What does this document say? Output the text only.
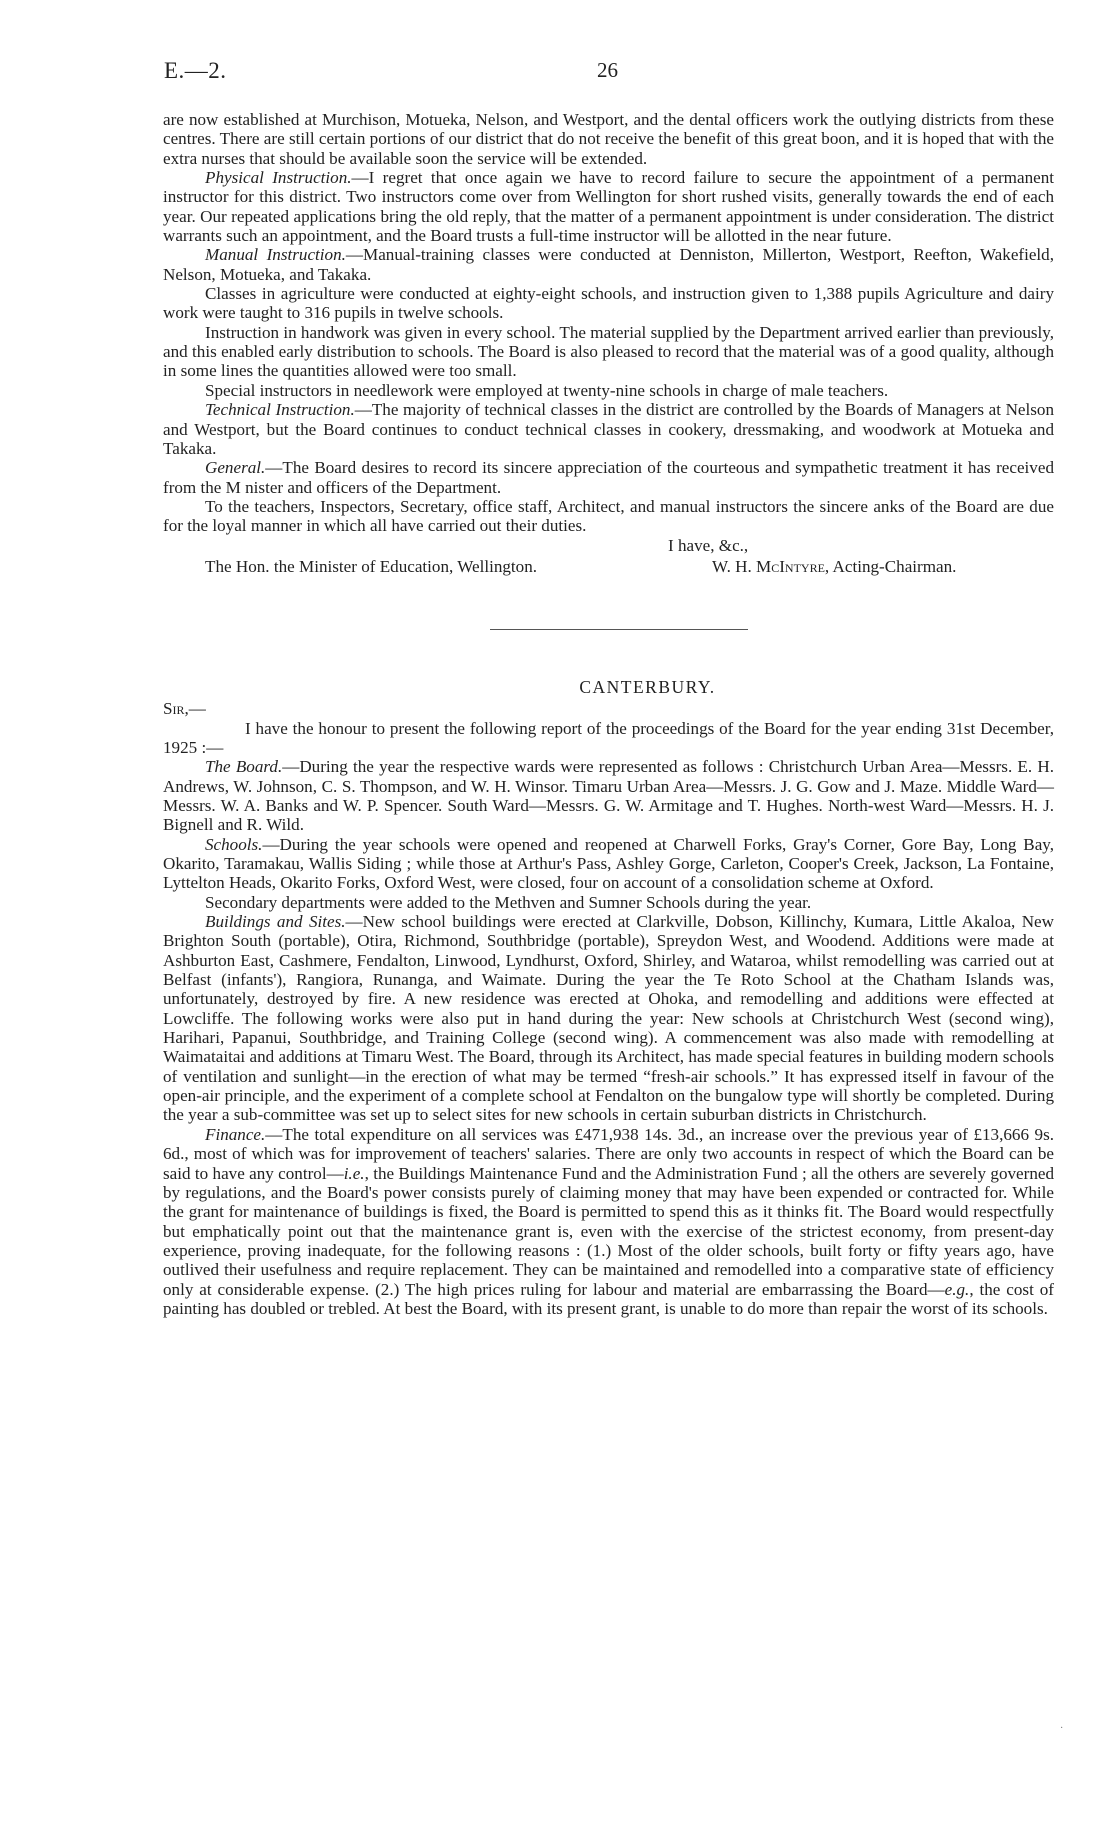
E.—2.	26

are now established at Murchison, Motueka, Nelson, and Westport, and the dental officers work the outlying districts from these centres. There are still certain portions of our district that do not receive the benefit of this great boon, and it is hoped that with the extra nurses that should be available soon the service will be extended.

Physical Instruction.—I regret that once again we have to record failure to secure the appointment of a permanent instructor for this district. Two instructors come over from Wellington for short rushed visits, generally towards the end of each year. Our repeated applications bring the old reply, that the matter of a permanent appointment is under consideration. The district warrants such an appointment, and the Board trusts a full-time instructor will be allotted in the near future.

Manual Instruction.—Manual-training classes were conducted at Denniston, Millerton, Westport, Reefton, Wakefield, Nelson, Motueka, and Takaka.

Classes in agriculture were conducted at eighty-eight schools, and instruction given to 1,388 pupils Agriculture and dairy work were taught to 316 pupils in twelve schools.

Instruction in handwork was given in every school. The material supplied by the Department arrived earlier than previously, and this enabled early distribution to schools. The Board is also pleased to record that the material was of a good quality, although in some lines the quantities allowed were too small.

Special instructors in needlework were employed at twenty-nine schools in charge of male teachers.

Technical Instruction.—The majority of technical classes in the district are controlled by the Boards of Managers at Nelson and Westport, but the Board continues to conduct technical classes in cookery, dressmaking, and woodwork at Motueka and Takaka.

General.—The Board desires to record its sincere appreciation of the courteous and sympathetic treatment it has received from the M nister and officers of the Department.

To the teachers, Inspectors, Secretary, office staff, Architect, and manual instructors the sincere anks of the Board are due for the loyal manner in which all have carried out their duties.

I have, &c.,

The Hon. the Minister of Education, Wellington.	W. H. McIntyre, Acting-Chairman.

CANTERBURY.

Sir,—

I have the honour to present the following report of the proceedings of the Board for the year ending 31st December, 1925 :—

The Board.—During the year the respective wards were represented as follows : Christchurch Urban Area—Messrs. E. H. Andrews, W. Johnson, C. S. Thompson, and W. H. Winsor. Timaru Urban Area—Messrs. J. G. Gow and J. Maze. Middle Ward—Messrs. W. A. Banks and W. P. Spencer. South Ward—Messrs. G. W. Armitage and T. Hughes. North-west Ward—Messrs. H. J. Bignell and R. Wild.

Schools.—During the year schools were opened and reopened at Charwell Forks, Gray's Corner, Gore Bay, Long Bay, Okarito, Taramakau, Wallis Siding ; while those at Arthur's Pass, Ashley Gorge, Carleton, Cooper's Creek, Jackson, La Fontaine, Lyttelton Heads, Okarito Forks, Oxford West, were closed, four on account of a consolidation scheme at Oxford.

Secondary departments were added to the Methven and Sumner Schools during the year.

Buildings and Sites.—New school buildings were erected at Clarkville, Dobson, Killinchy, Kumara, Little Akaloa, New Brighton South (portable), Otira, Richmond, Southbridge (portable), Spreydon West, and Woodend. Additions were made at Ashburton East, Cashmere, Fendalton, Linwood, Lyndhurst, Oxford, Shirley, and Wataroa, whilst remodelling was carried out at Belfast (infants'), Rangiora, Runanga, and Waimate. During the year the Te Roto School at the Chatham Islands was, unfortunately, destroyed by fire. A new residence was erected at Ohoka, and remodelling and additions were effected at Lowcliffe. The following works were also put in hand during the year: New schools at Christchurch West (second wing), Harihari, Papanui, Southbridge, and Training College (second wing). A commencement was also made with remodelling at Waimataitai and additions at Timaru West. The Board, through its Architect, has made special features in building modern schools of ventilation and sunlight—in the erection of what may be termed “fresh-air schools.” It has expressed itself in favour of the open-air principle, and the experiment of a complete school at Fendalton on the bungalow type will shortly be completed. During the year a sub-committee was set up to select sites for new schools in certain suburban districts in Christchurch.

Finance.—The total expenditure on all services was £471,938 14s. 3d., an increase over the previous year of £13,666 9s. 6d., most of which was for improvement of teachers' salaries. There are only two accounts in respect of which the Board can be said to have any control—i.e., the Buildings Maintenance Fund and the Administration Fund ; all the others are severely governed by regulations, and the Board's power consists purely of claiming money that may have been expended or contracted for. While the grant for maintenance of buildings is fixed, the Board is permitted to spend this as it thinks fit. The Board would respectfully but emphatically point out that the maintenance grant is, even with the exercise of the strictest economy, from present-day experience, proving inadequate, for the following reasons : (1.) Most of the older schools, built forty or fifty years ago, have outlived their usefulness and require replacement. They can be maintained and remodelled into a comparative state of efficiency only at considerable expense. (2.) The high prices ruling for labour and material are embarrassing the Board—e.g., the cost of painting has doubled or trebled. At best the Board, with its present grant, is unable to do more than repair the worst of its schools.

·
